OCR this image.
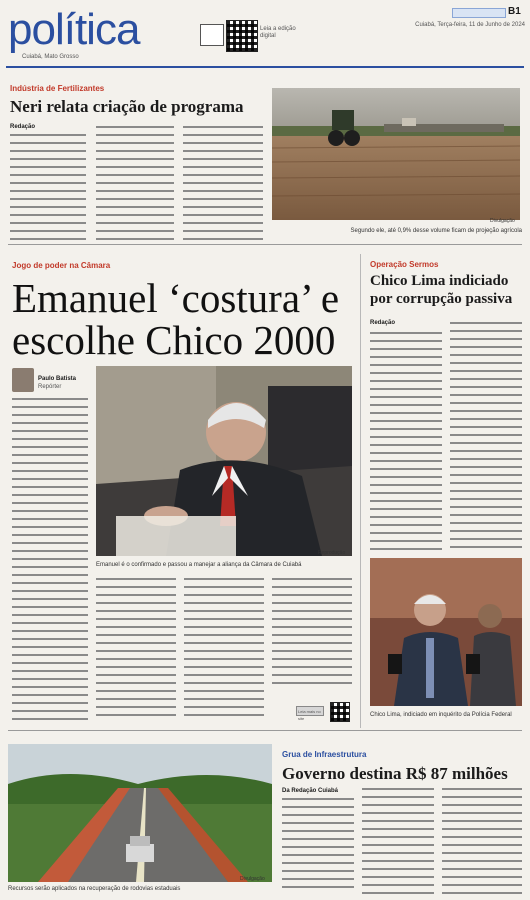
política
Cuiabá, Mato Grosso
Leia a edição digital
B1
Cuiabá, Terça-feira, 11 de Junho de 2024
Indústria de Fertilizantes
Neri relata criação de programa
Redação
Divulgação
Segundo ele, até 0,9% desse volume ficam de projeção agrícola
Jogo de poder na Câmara
Emanuel ‘costura’ e
escolhe Chico 2000
Paulo Batista
Repórter
Reprodução
Emanuel é o confirmado e passou a manejar a aliança da Câmara de Cuiabá
Leia mais no site
Operação Sermos
Chico Lima indiciado
por corrupção passiva
Redação
Chico Lima, indiciado em inquérito da Polícia Federal
Divulgação
Recursos serão aplicados na recuperação de rodovias estaduais
Grua de Infraestrutura
Governo destina R$ 87 milhões
Da Redação Cuiabá
